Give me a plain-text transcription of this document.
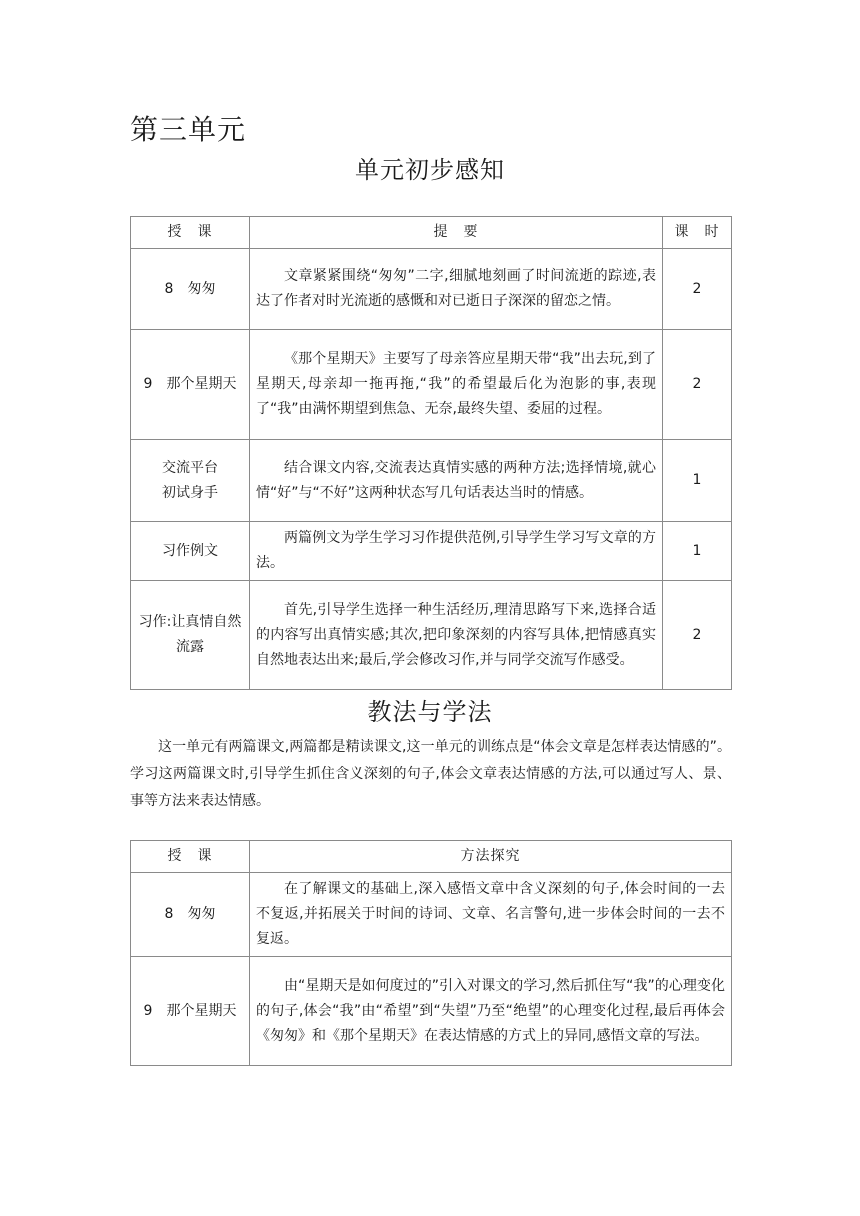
第三单元
单元初步感知
授　课	提　要	课　时
8　匆匆	文章紧紧围绕“匆匆”二字,细腻地刻画了时间流逝的踪迹,表达了作者对时光流逝的感慨和对已逝日子深深的留恋之情。	2
9　那个星期天	《那个星期天》主要写了母亲答应星期天带“我”出去玩,到了星期天,母亲却一拖再拖,“我”的希望最后化为泡影的事,表现了“我”由满怀期望到焦急、无奈,最终失望、委屈的过程。	2

交流平台
初试身手	结合课文内容,交流表达真情实感的两种方法;选择情境,就心情“好”与“不好”这两种状态写几句话表达当时的情感。	1
习作例文	两篇例文为学生学习习作提供范例,引导学生学习写文章的方法。	1
习作:让真情自然流露	首先,引导学生选择一种生活经历,理清思路写下来,选择合适的内容写出真情实感;其次,把印象深刻的内容写具体,把情感真实自然地表达出来;最后,学会修改习作,并与同学交流写作感受。	2
教法与学法

这一单元有两篇课文,两篇都是精读课文,这一单元的训练点是“体会文章是怎样表达情感的”。学习这两篇课文时,引导学生抓住含义深刻的句子,体会文章表达情感的方法,可以通过写人、景、事等方法来表达情感。

授　课	方法探究
8　匆匆	在了解课文的基础上,深入感悟文章中含义深刻的句子,体会时间的一去不复返,并拓展关于时间的诗词、文章、名言警句,进一步体会时间的一去不复返。

9　那个星期天	由“星期天是如何度过的”引入对课文的学习,然后抓住写“我”的心理变化的句子,体会“我”由“希望”到“失望”乃至“绝望”的心理变化过程,最后再体会《匆匆》和《那个星期天》在表达情感的方式上的异同,感悟文章的写法。
